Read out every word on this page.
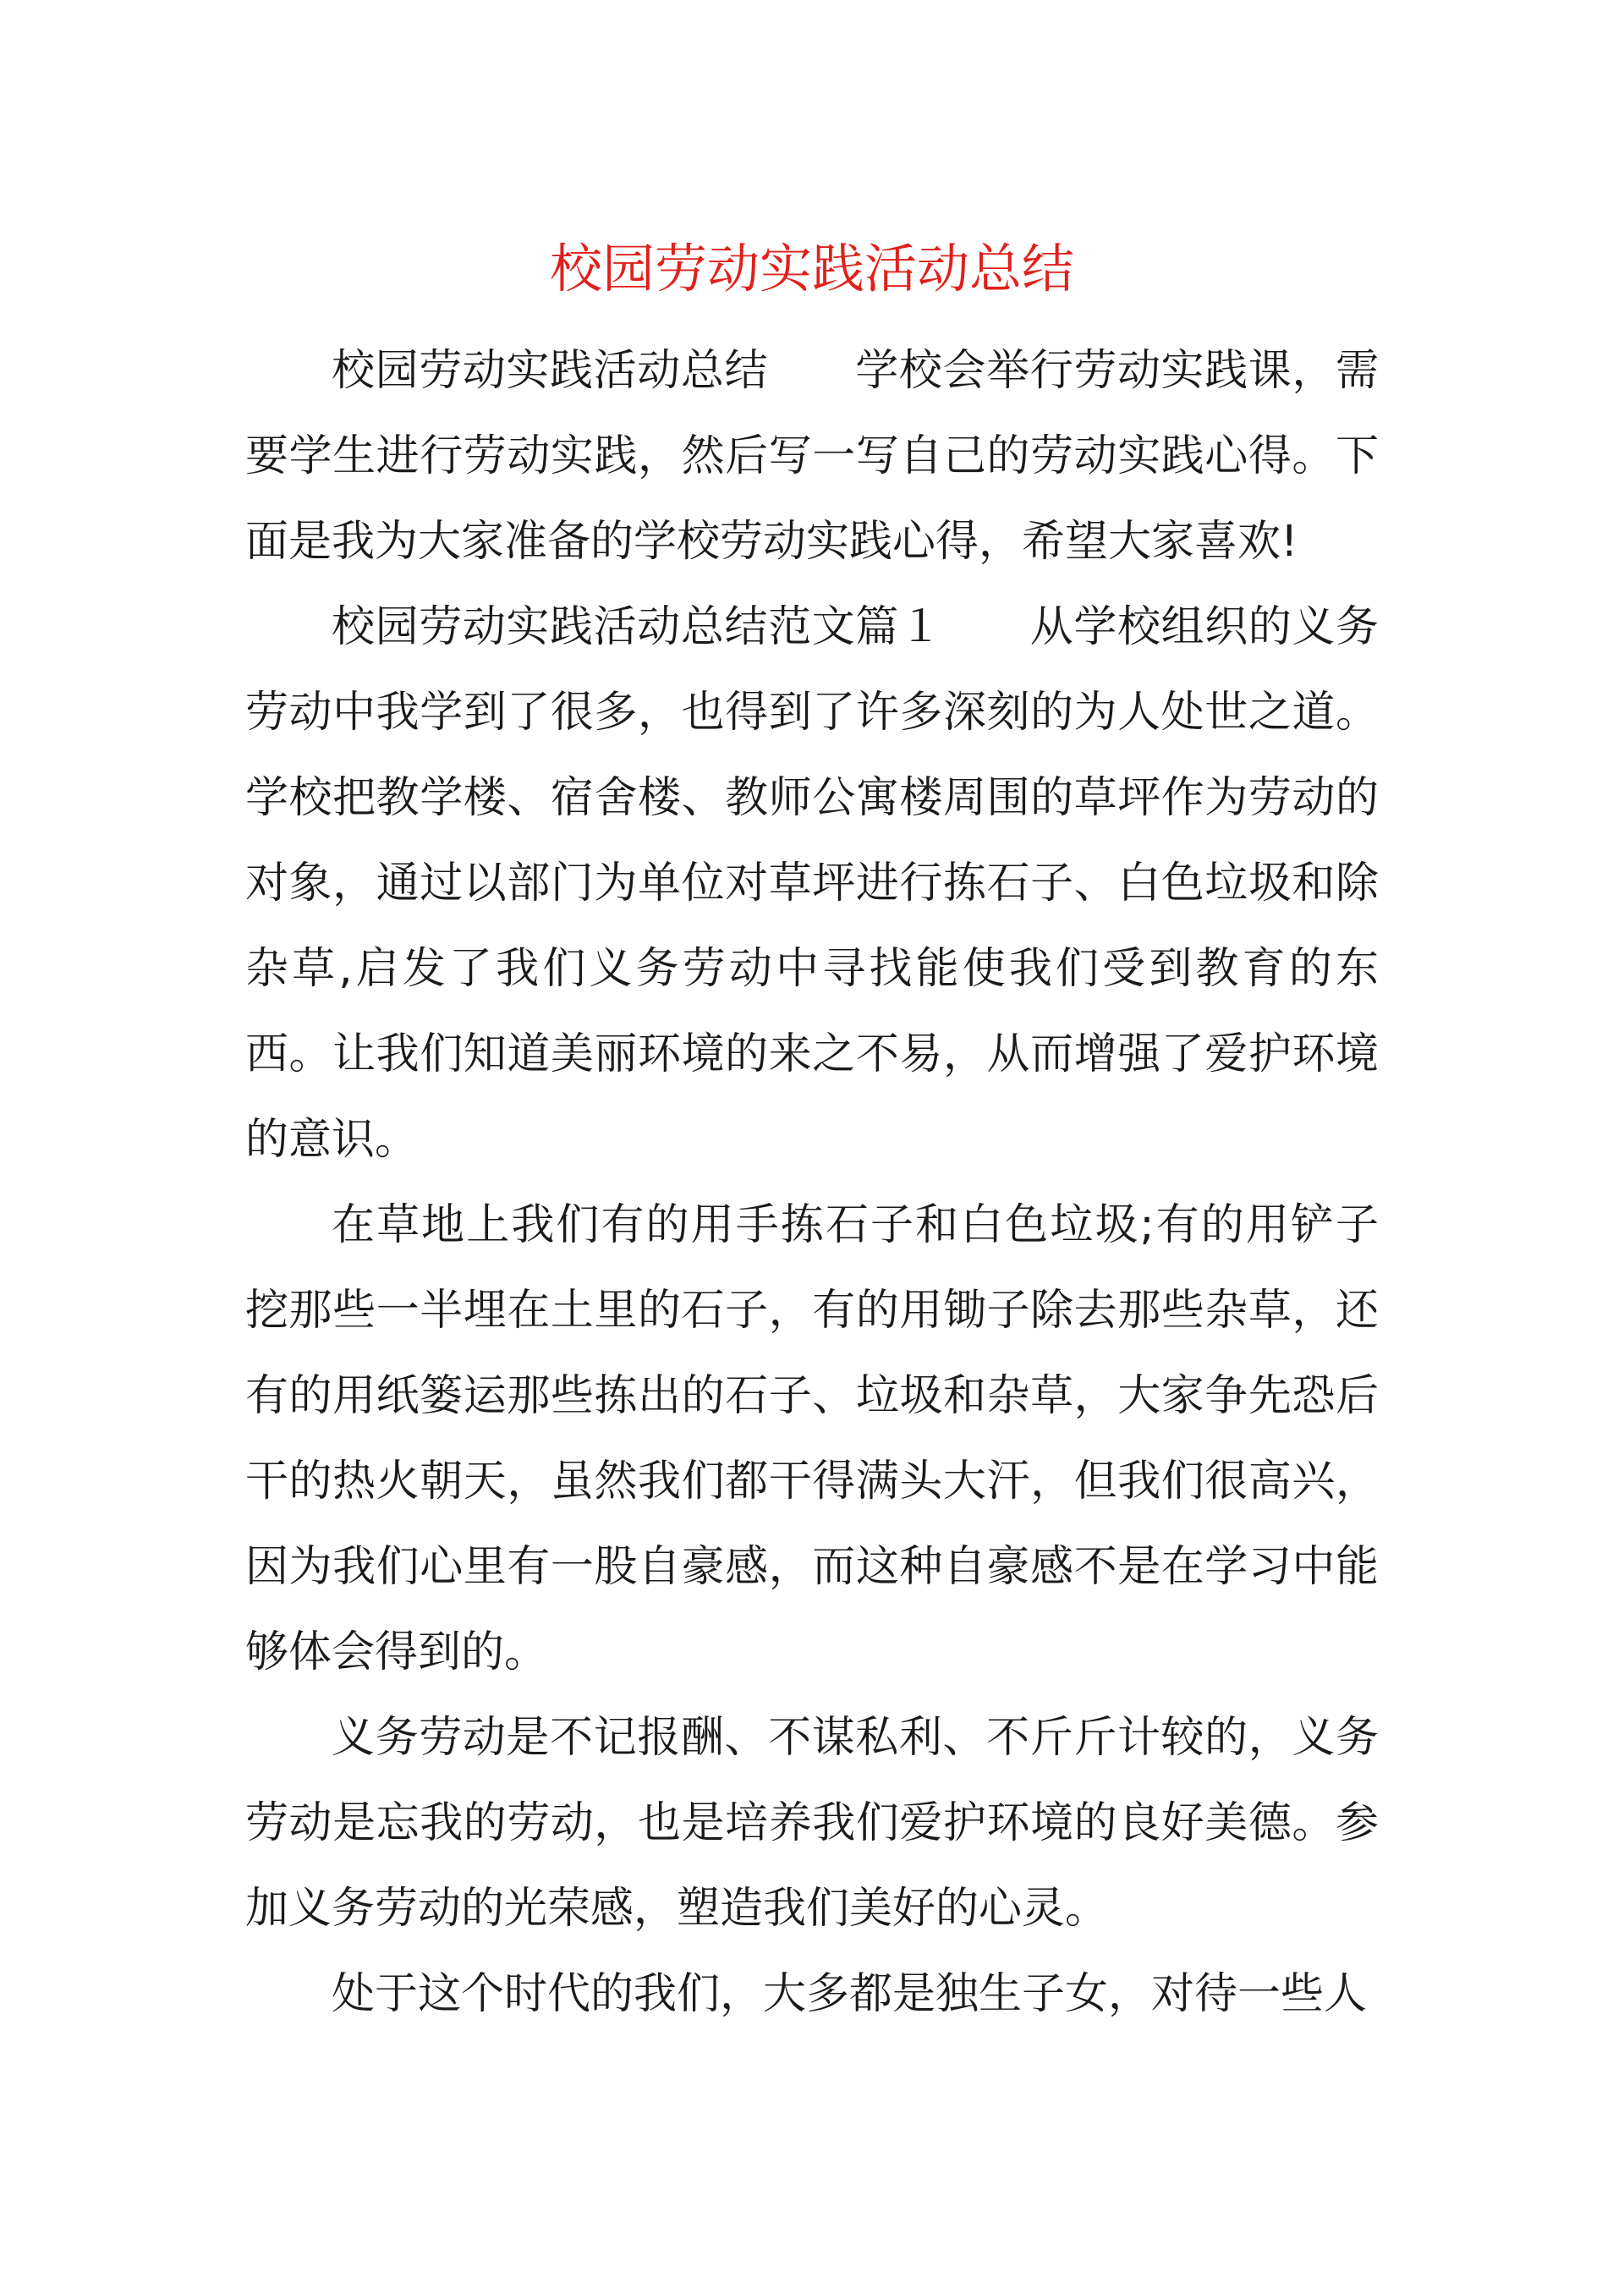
校园劳动实践活动总结

校园劳动实践活动总结　　学校会举行劳动实践课，需要学生进行劳动实践，然后写一写自己的劳动实践心得。下面是我为大家准备的学校劳动实践心得，希望大家喜欢!

校园劳动实践活动总结范文篇１　　从学校组织的义务劳动中我学到了很多，也得到了许多深刻的为人处世之道。学校把教学楼、宿舍楼、教师公寓楼周围的草坪作为劳动的对象，通过以部门为单位对草坪进行拣石子、白色垃圾和除杂草,启发了我们义务劳动中寻找能使我们受到教育的东西。让我们知道美丽环境的来之不易，从而增强了爱护环境的意识。

在草地上我们有的用手拣石子和白色垃圾;有的用铲子挖那些一半埋在土里的石子，有的用锄子除去那些杂草，还有的用纸篓运那些拣出的石子、垃圾和杂草，大家争先恐后干的热火朝天，虽然我们都干得满头大汗，但我们很高兴，因为我们心里有一股自豪感，而这种自豪感不是在学习中能够体会得到的。

义务劳动是不记报酬、不谋私利、不斤斤计较的，义务劳动是忘我的劳动，也是培养我们爱护环境的良好美德。参加义务劳动的光荣感，塑造我们美好的心灵。

处于这个时代的我们，大多都是独生子女，对待一些人
